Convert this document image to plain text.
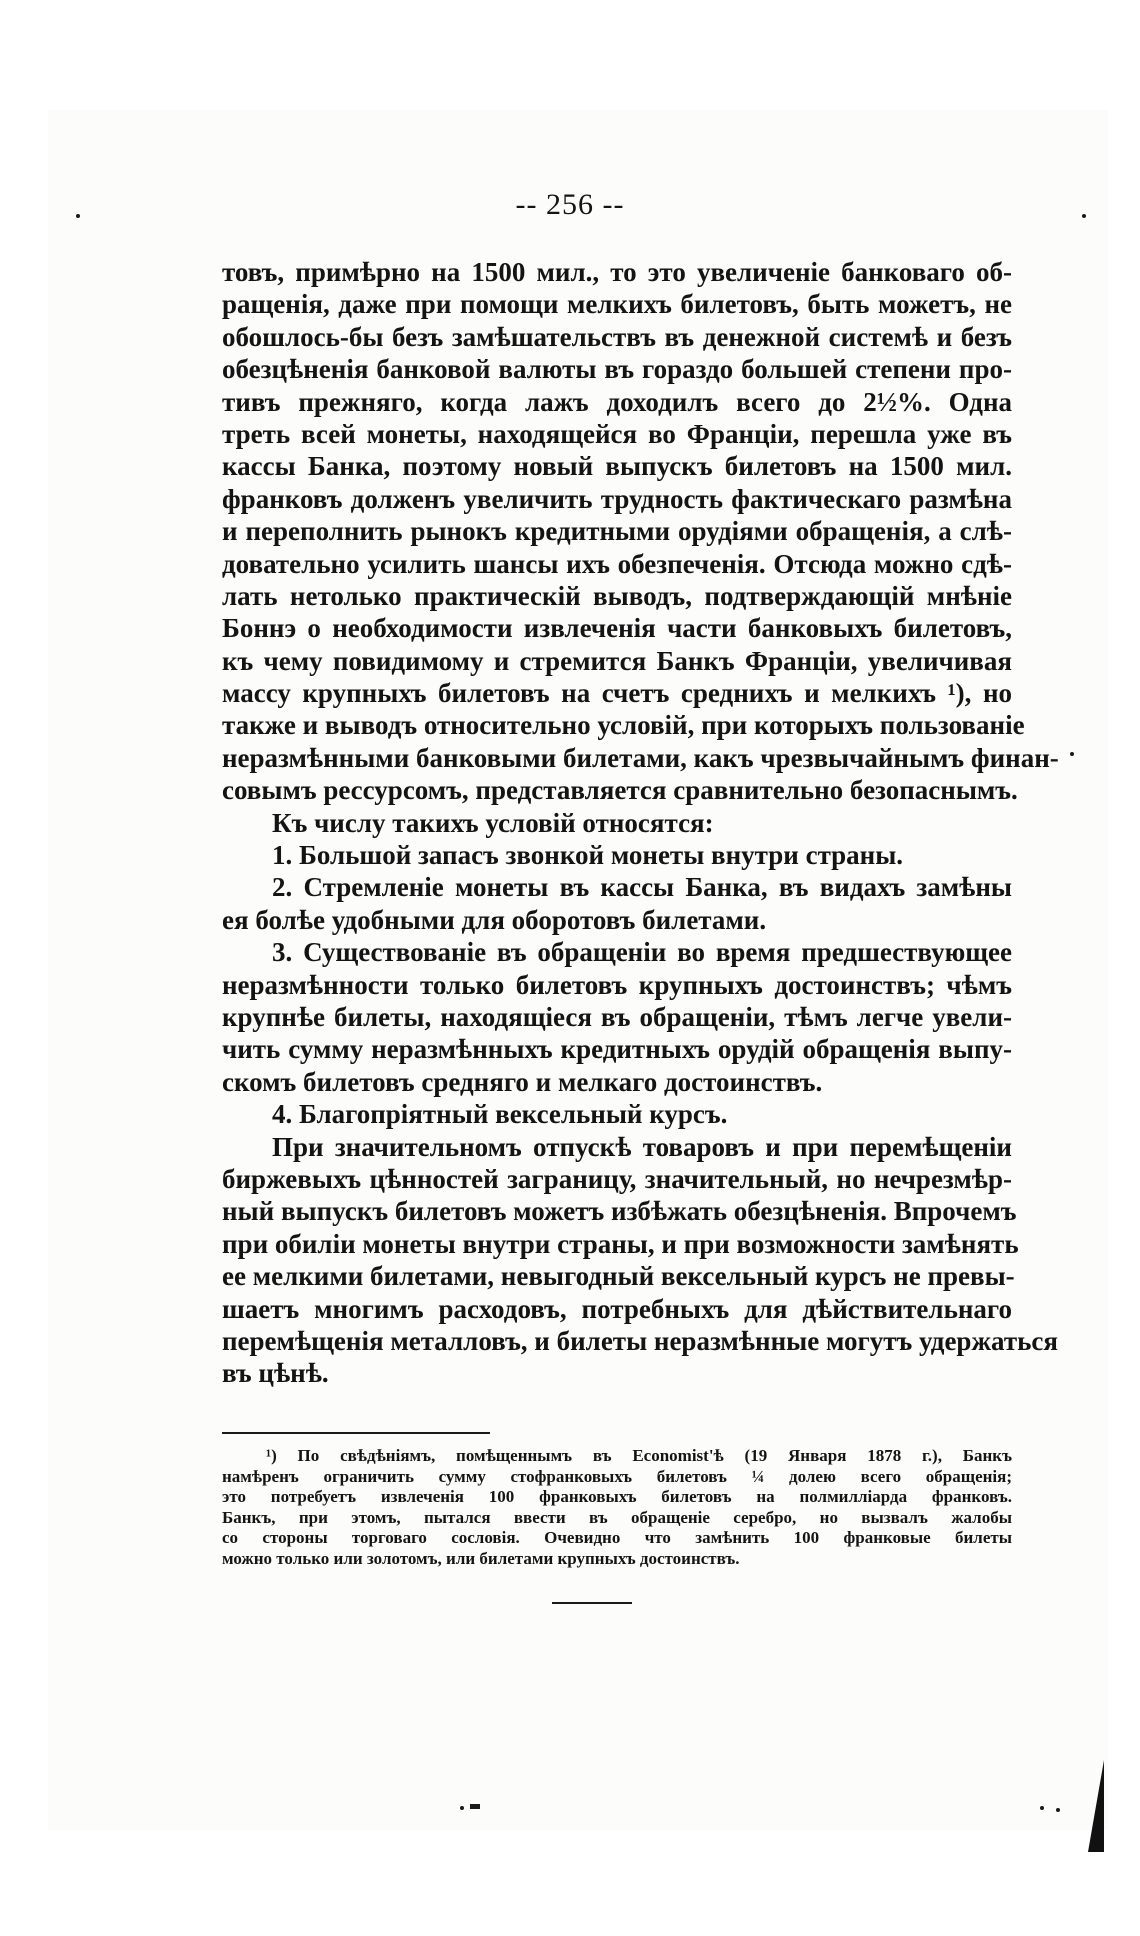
-- 256 --
товъ, примѣрно на 1500 мил., то это увеличеніе банковаго об-
ращенія, даже при помощи мелкихъ билетовъ, быть можетъ, не
обошлось-бы безъ замѣшательствъ въ денежной системѣ и безъ
обезцѣненія банковой валюты въ гораздо большей степени про-
тивъ прежняго, когда лажъ доходилъ всего до 2½%. Одна
треть всей монеты, находящейся во Франціи, перешла уже въ
кассы Банка, поэтому новый выпускъ билетовъ на 1500 мил.
франковъ долженъ увеличить трудность фактическаго размѣна
и переполнить рынокъ кредитными орудіями обращенія, а слѣ-
довательно усилить шансы ихъ обезпеченія. Отсюда можно сдѣ-
лать нетолько практическій выводъ, подтверждающій мнѣніе
Боннэ о необходимости извлеченія части банковыхъ билетовъ,
къ чему повидимому и стремится Банкъ Франціи, увеличивая
массу крупныхъ билетовъ на счетъ среднихъ и мелкихъ ¹), но
также и выводъ относительно условій, при которыхъ пользованіе
неразмѣнными банковыми билетами, какъ чрезвычайнымъ финан-
совымъ рессурсомъ, представляется сравнительно безопаснымъ.
Къ числу такихъ условій относятся:
1. Большой запасъ звонкой монеты внутри страны.
2. Стремленіе монеты въ кассы Банка, въ видахъ замѣны
ея болѣе удобными для оборотовъ билетами.
3. Существованіе въ обращеніи во время предшествующее
неразмѣнности только билетовъ крупныхъ достоинствъ; чѣмъ
крупнѣе билеты, находящіеся въ обращеніи, тѣмъ легче увели-
чить сумму неразмѣнныхъ кредитныхъ орудій обращенія выпу-
скомъ билетовъ средняго и мелкаго достоинствъ.
4. Благопріятный вексельный курсъ.
При значительномъ отпускѣ товаровъ и при перемѣщеніи
биржевыхъ цѣнностей заграницу, значительный, но нечрезмѣр-
ный выпускъ билетовъ можетъ избѣжать обезцѣненія. Впрочемъ
при обиліи монеты внутри страны, и при возможности замѣнять
ее мелкими билетами, невыгодный вексельный курсъ не превы-
шаетъ многимъ расходовъ, потребныхъ для дѣйствительнаго
перемѣщенія металловъ, и билеты неразмѣнные могутъ удержаться
въ цѣнѣ.
¹) По свѣдѣніямъ, помѣщеннымъ въ Economist'ѣ (19 Января 1878 г.), Банкъ
намѣренъ ограничить сумму стофранковыхъ билетовъ ¼ долею всего обращенія;
это потребуетъ извлеченія 100 франковыхъ билетовъ на полмилліарда франковъ.
Банкъ, при этомъ, пытался ввести въ обращеніе серебро, но вызвалъ жалобы
со стороны торговаго сословія. Очевидно что замѣнить 100 франковые билеты
можно только или золотомъ, или билетами крупныхъ достоинствъ.
